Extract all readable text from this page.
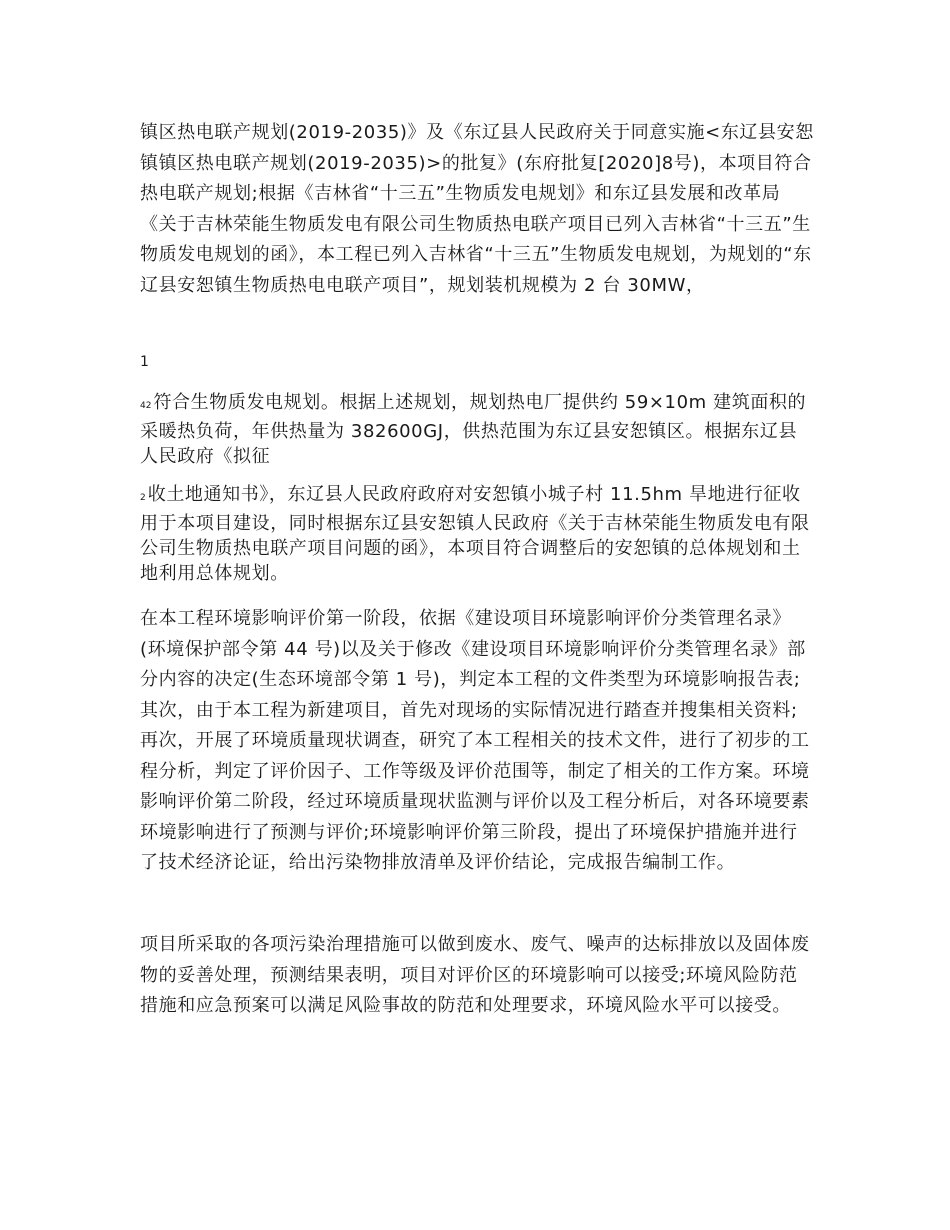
镇区热电联产规划(2019-2035)》及《东辽县人民政府关于同意实施<东辽县安恕镇镇区热电联产规划(2019-2035)>的批复》(东府批复[2020]8号)，本项目符合热电联产规划;根据《吉林省“十三五”生物质发电规划》和东辽县发展和改革局《关于吉林荣能生物质发电有限公司生物质热电联产项目已列入吉林省“十三五”生物质发电规划的函》，本工程已列入吉林省“十三五”生物质发电规划，为规划的“东辽县安恕镇生物质热电电联产项目”，规划装机规模为 2 台 30MW，

1

42 符合生物质发电规划。根据上述规划，规划热电厂提供约 59×10m 建筑面积的采暖热负荷，年供热量为 382600GJ，供热范围为东辽县安恕镇区。根据东辽县人民政府《拟征

2 收土地通知书》，东辽县人民政府政府对安恕镇小城子村 11.5hm 旱地进行征收用于本项目建设，同时根据东辽县安恕镇人民政府《关于吉林荣能生物质发电有限公司生物质热电联产项目问题的函》，本项目符合调整后的安恕镇的总体规划和土地利用总体规划。

在本工程环境影响评价第一阶段，依据《建设项目环境影响评价分类管理名录》(环境保护部令第 44 号)以及关于修改《建设项目环境影响评价分类管理名录》部分内容的决定(生态环境部令第 1 号)，判定本工程的文件类型为环境影响报告表;其次，由于本工程为新建项目，首先对现场的实际情况进行踏查并搜集相关资料;再次，开展了环境质量现状调查，研究了本工程相关的技术文件，进行了初步的工程分析，判定了评价因子、工作等级及评价范围等，制定了相关的工作方案。环境影响评价第二阶段，经过环境质量现状监测与评价以及工程分析后，对各环境要素环境影响进行了预测与评价;环境影响评价第三阶段，提出了环境保护措施并进行了技术经济论证，给出污染物排放清单及评价结论，完成报告编制工作。

项目所采取的各项污染治理措施可以做到废水、废气、噪声的达标排放以及固体废物的妥善处理，预测结果表明，项目对评价区的环境影响可以接受;环境风险防范措施和应急预案可以满足风险事故的防范和处理要求，环境风险水平可以接受。
